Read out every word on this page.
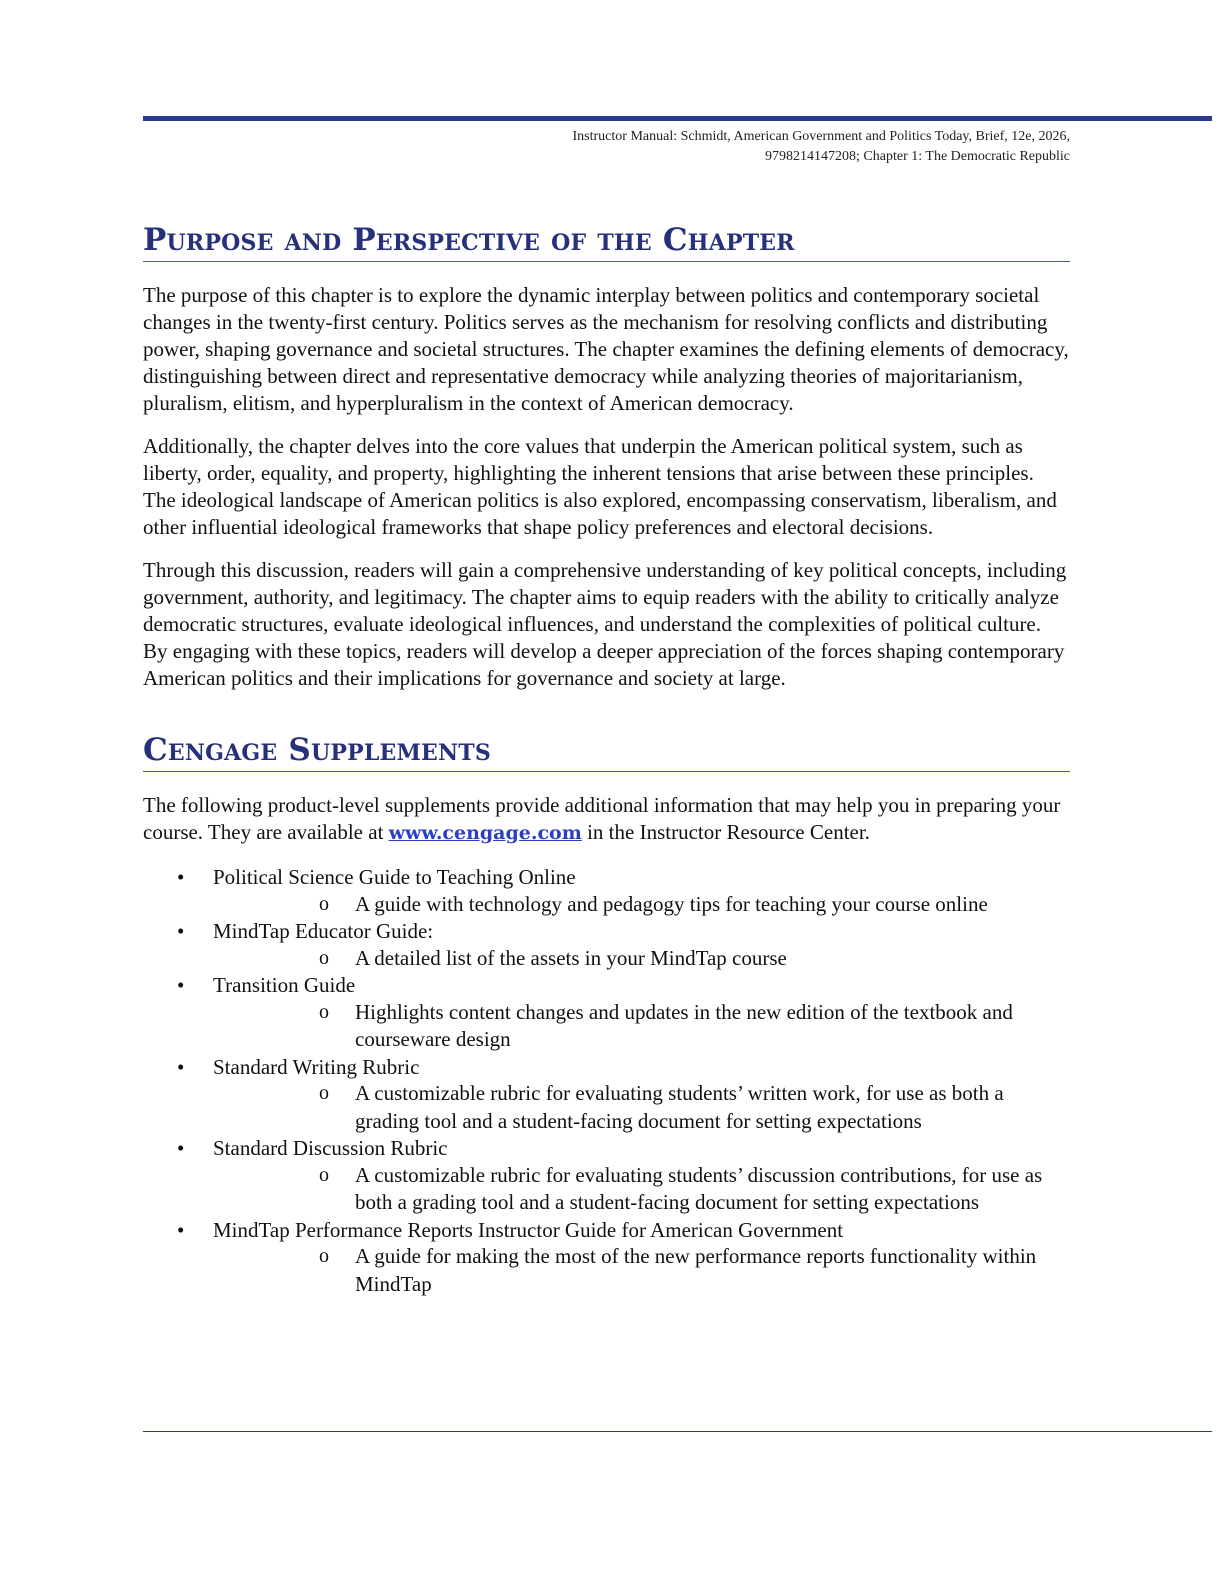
Instructor Manual: Schmidt, American Government and Politics Today, Brief, 12e, 2026,
9798214147208; Chapter 1: The Democratic Republic
Purpose and Perspective of the Chapter

The purpose of this chapter is to explore the dynamic interplay between politics and contemporary societal changes in the twenty-first century. Politics serves as the mechanism for resolving conflicts and distributing power, shaping governance and societal structures. The chapter examines the defining elements of democracy, distinguishing between direct and representative democracy while analyzing theories of majoritarianism, pluralism, elitism, and hyperpluralism in the context of American democracy.

Additionally, the chapter delves into the core values that underpin the American political system, such as liberty, order, equality, and property, highlighting the inherent tensions that arise between these principles. The ideological landscape of American politics is also explored, encompassing conservatism, liberalism, and other influential ideological frameworks that shape policy preferences and electoral decisions.

Through this discussion, readers will gain a comprehensive understanding of key political concepts, including government, authority, and legitimacy. The chapter aims to equip readers with the ability to critically analyze democratic structures, evaluate ideological influences, and understand the complexities of political culture. By engaging with these topics, readers will develop a deeper appreciation of the forces shaping contemporary American politics and their implications for governance and society at large.

Cengage Supplements

The following product-level supplements provide additional information that may help you in preparing your course. They are available at www.cengage.com in the Instructor Resource Center.

• Political Science Guide to Teaching Online
o A guide with technology and pedagogy tips for teaching your course online
• MindTap Educator Guide:
o A detailed list of the assets in your MindTap course
• Transition Guide
o Highlights content changes and updates in the new edition of the textbook and courseware design
• Standard Writing Rubric
o A customizable rubric for evaluating students’ written work, for use as both a grading tool and a student-facing document for setting expectations
• Standard Discussion Rubric
o A customizable rubric for evaluating students’ discussion contributions, for use as both a grading tool and a student-facing document for setting expectations
• MindTap Performance Reports Instructor Guide for American Government
o A guide for making the most of the new performance reports functionality within MindTap
